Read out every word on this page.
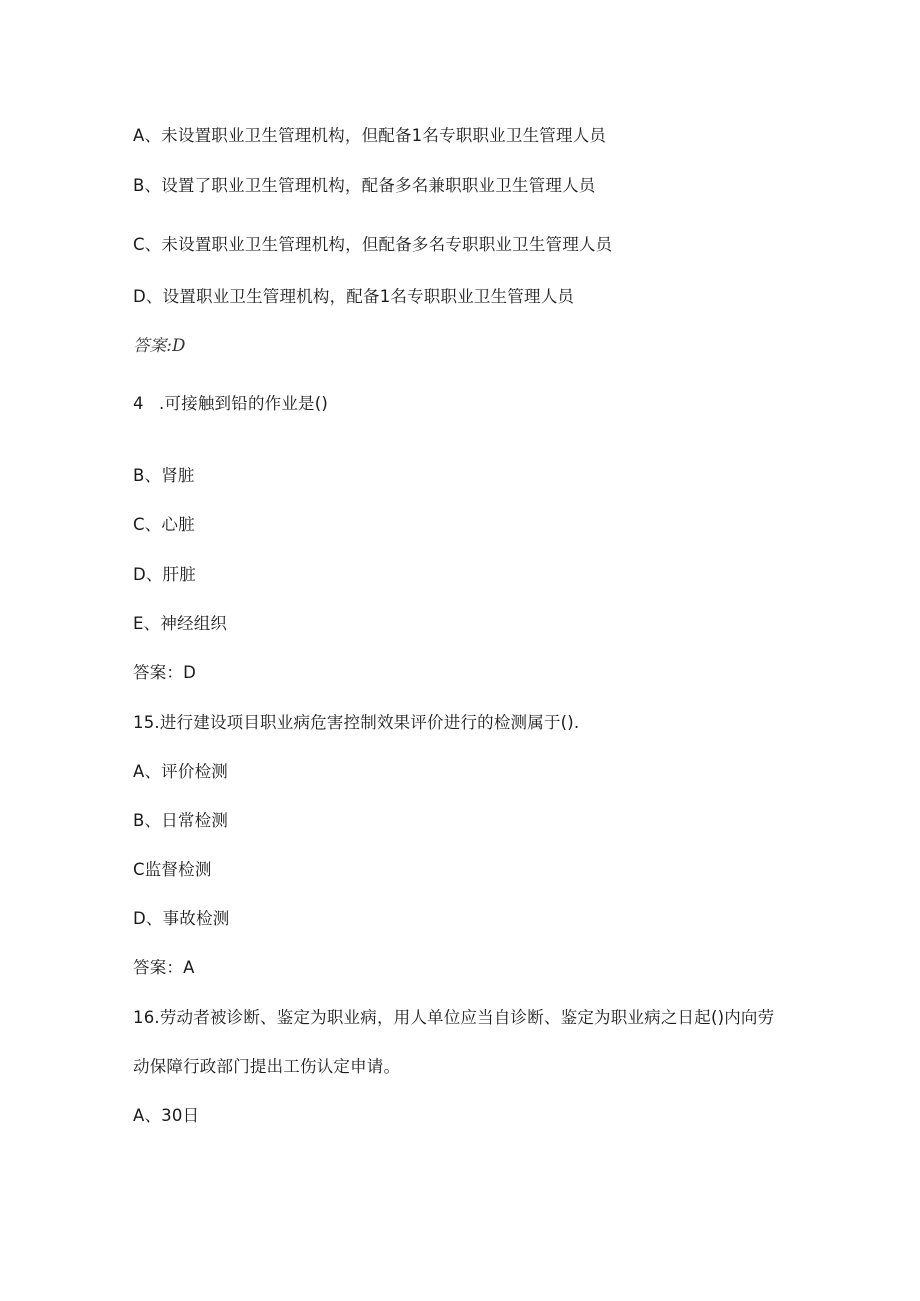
A、未设置职业卫生管理机构，但配备1名专职职业卫生管理人员
B、设置了职业卫生管理机构，配备多名兼职职业卫生管理人员
C、未设置职业卫生管理机构，但配备多名专职职业卫生管理人员
D、设置职业卫生管理机构，配备1名专职职业卫生管理人员
答案:D
4 .可接触到铅的作业是()
B、肾脏
C、心脏
D、肝脏
E、神经组织
答案：D
15.进行建设项目职业病危害控制效果评价进行的检测属于().
A、评价检测
B、日常检测
C监督检测
D、事故检测
答案：A
16.劳动者被诊断、鉴定为职业病，用人单位应当自诊断、鉴定为职业病之日起()内向劳
动保障行政部门提出工伤认定申请。
A、30日
